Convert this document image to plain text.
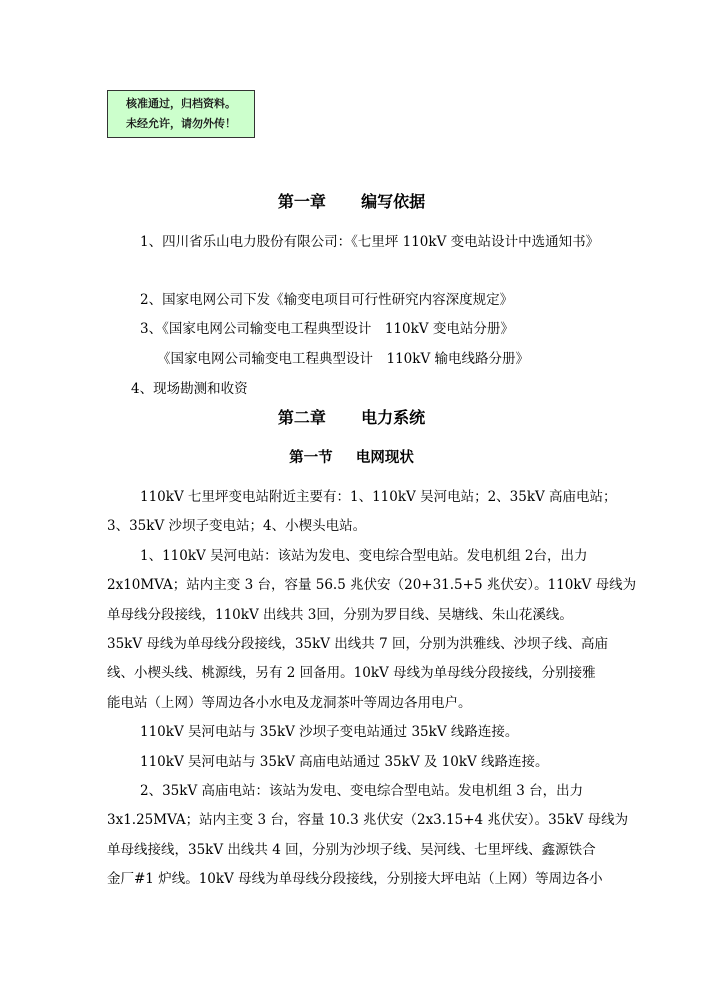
核准通过，归档资料。
未经允许，请勿外传！
第一章 编写依据
1、四川省乐山电力股份有限公司：《七里坪 110kV 变电站设计中选通知书》
2、国家电网公司下发《输变电项目可行性研究内容深度规定》
3、《国家电网公司输变电工程典型设计　110kV 变电站分册》
《国家电网公司输变电工程典型设计　110kV 输电线路分册》
4、现场勘测和收资
第二章 电力系统
第一节 电网现状
110kV 七里坪变电站附近主要有：1、110kV 吴河电站；2、35kV 高庙电站；
3、35kV 沙坝子变电站；4、小楔头电站。
1、110kV 吴河电站：该站为发电、变电综合型电站。发电机组 2台，出力
2x10MVA；站内主变 3 台，容量 56.5 兆伏安（20+31.5+5 兆伏安）。110kV 母线为
单母线分段接线，110kV 出线共 3回，分别为罗目线、吴塘线、朱山花溪线。
35kV 母线为单母线分段接线，35kV 出线共 7 回，分别为洪雅线、沙坝子线、高庙
线、小楔头线、桃源线，另有 2 回备用。10kV 母线为单母线分段接线，分别接雅
能电站（上网）等周边各小水电及龙洞茶叶等周边各用电户。
110kV 吴河电站与 35kV 沙坝子变电站通过 35kV 线路连接。
110kV 吴河电站与 35kV 高庙电站通过 35kV 及 10kV 线路连接。
2、35kV 高庙电站：该站为发电、变电综合型电站。发电机组 3 台，出力
3x1.25MVA；站内主变 3 台，容量 10.3 兆伏安（2x3.15+4 兆伏安）。35kV 母线为
单母线接线，35kV 出线共 4 回，分别为沙坝子线、吴河线、七里坪线、鑫源铁合
金厂#1 炉线。10kV 母线为单母线分段接线，分别接大坪电站（上网）等周边各小
